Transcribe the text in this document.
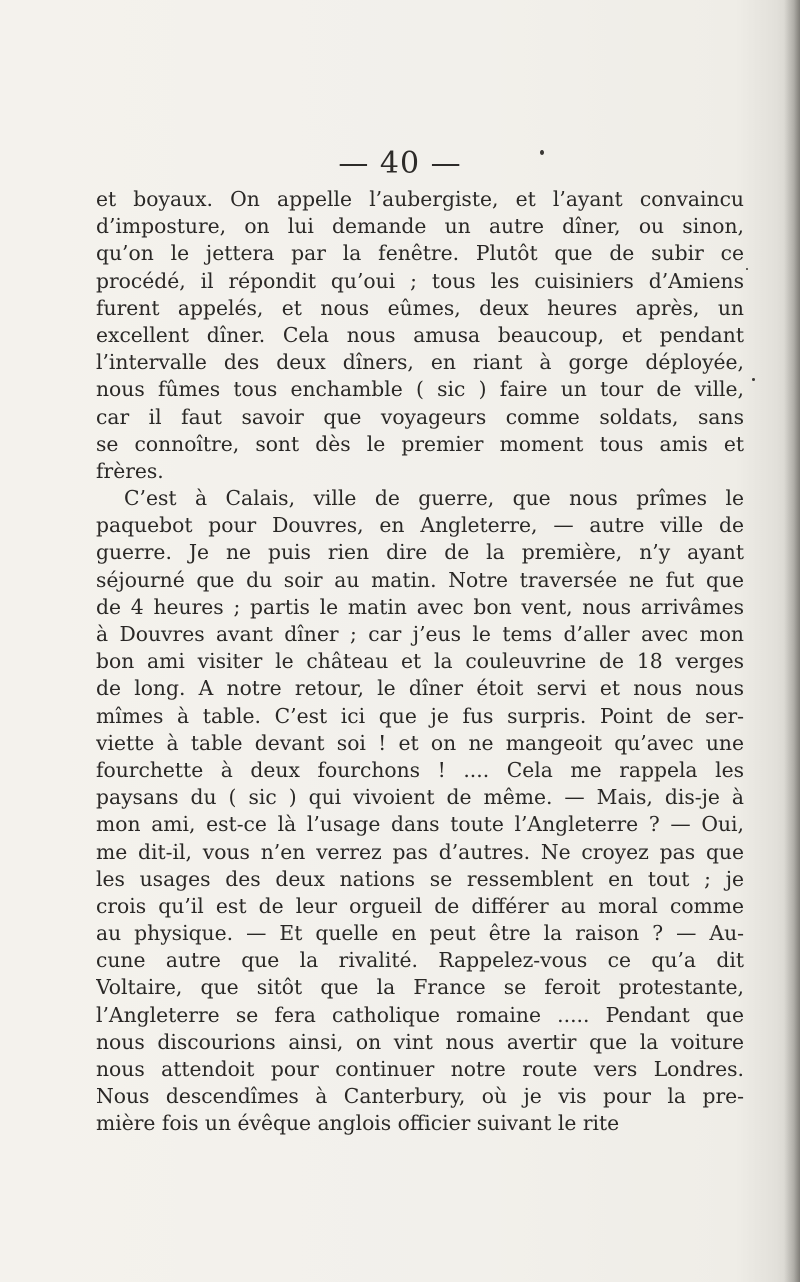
— 40 —
et boyaux. On appelle l’aubergiste, et l’ayant convaincu
d’imposture, on lui demande un autre dîner, ou sinon,
qu’on le jettera par la fenêtre. Plutôt que de subir ce
procédé, il répondit qu’oui ; tous les cuisiniers d’Amiens
furent appelés, et nous eûmes, deux heures après, un
excellent dîner. Cela nous amusa beaucoup, et pendant
l’intervalle des deux dîners, en riant à gorge déployée,
nous fûmes tous enchamble ( sic ) faire un tour de ville,
car il faut savoir que voyageurs comme soldats, sans
se connoître, sont dès le premier moment tous amis et
frères.
C’est à Calais, ville de guerre, que nous prîmes le
paquebot pour Douvres, en Angleterre, — autre ville de
guerre. Je ne puis rien dire de la première, n’y ayant
séjourné que du soir au matin. Notre traversée ne fut que
de 4 heures ; partis le matin avec bon vent, nous arrivâmes
à Douvres avant dîner ; car j’eus le tems d’aller avec mon
bon ami visiter le château et la couleuvrine de 18 verges
de long. A notre retour, le dîner étoit servi et nous nous
mîmes à table. C’est ici que je fus surpris. Point de ser-
viette à table devant soi ! et on ne mangeoit qu’avec une
fourchette à deux fourchons ! .... Cela me rappela les
paysans du ( sic ) qui vivoient de même. — Mais, dis-je à
mon ami, est-ce là l’usage dans toute l’Angleterre ? — Oui,
me dit-il, vous n’en verrez pas d’autres. Ne croyez pas que
les usages des deux nations se ressemblent en tout ; je
crois qu’il est de leur orgueil de différer au moral comme
au physique. — Et quelle en peut être la raison ? — Au-
cune autre que la rivalité. Rappelez-vous ce qu’a dit
Voltaire, que sitôt que la France se feroit protestante,
l’Angleterre se fera catholique romaine ..... Pendant que
nous discourions ainsi, on vint nous avertir que la voiture
nous attendoit pour continuer notre route vers Londres.
Nous descendîmes à Canterbury, où je vis pour la pre-
mière fois un évêque anglois officier suivant le rite
